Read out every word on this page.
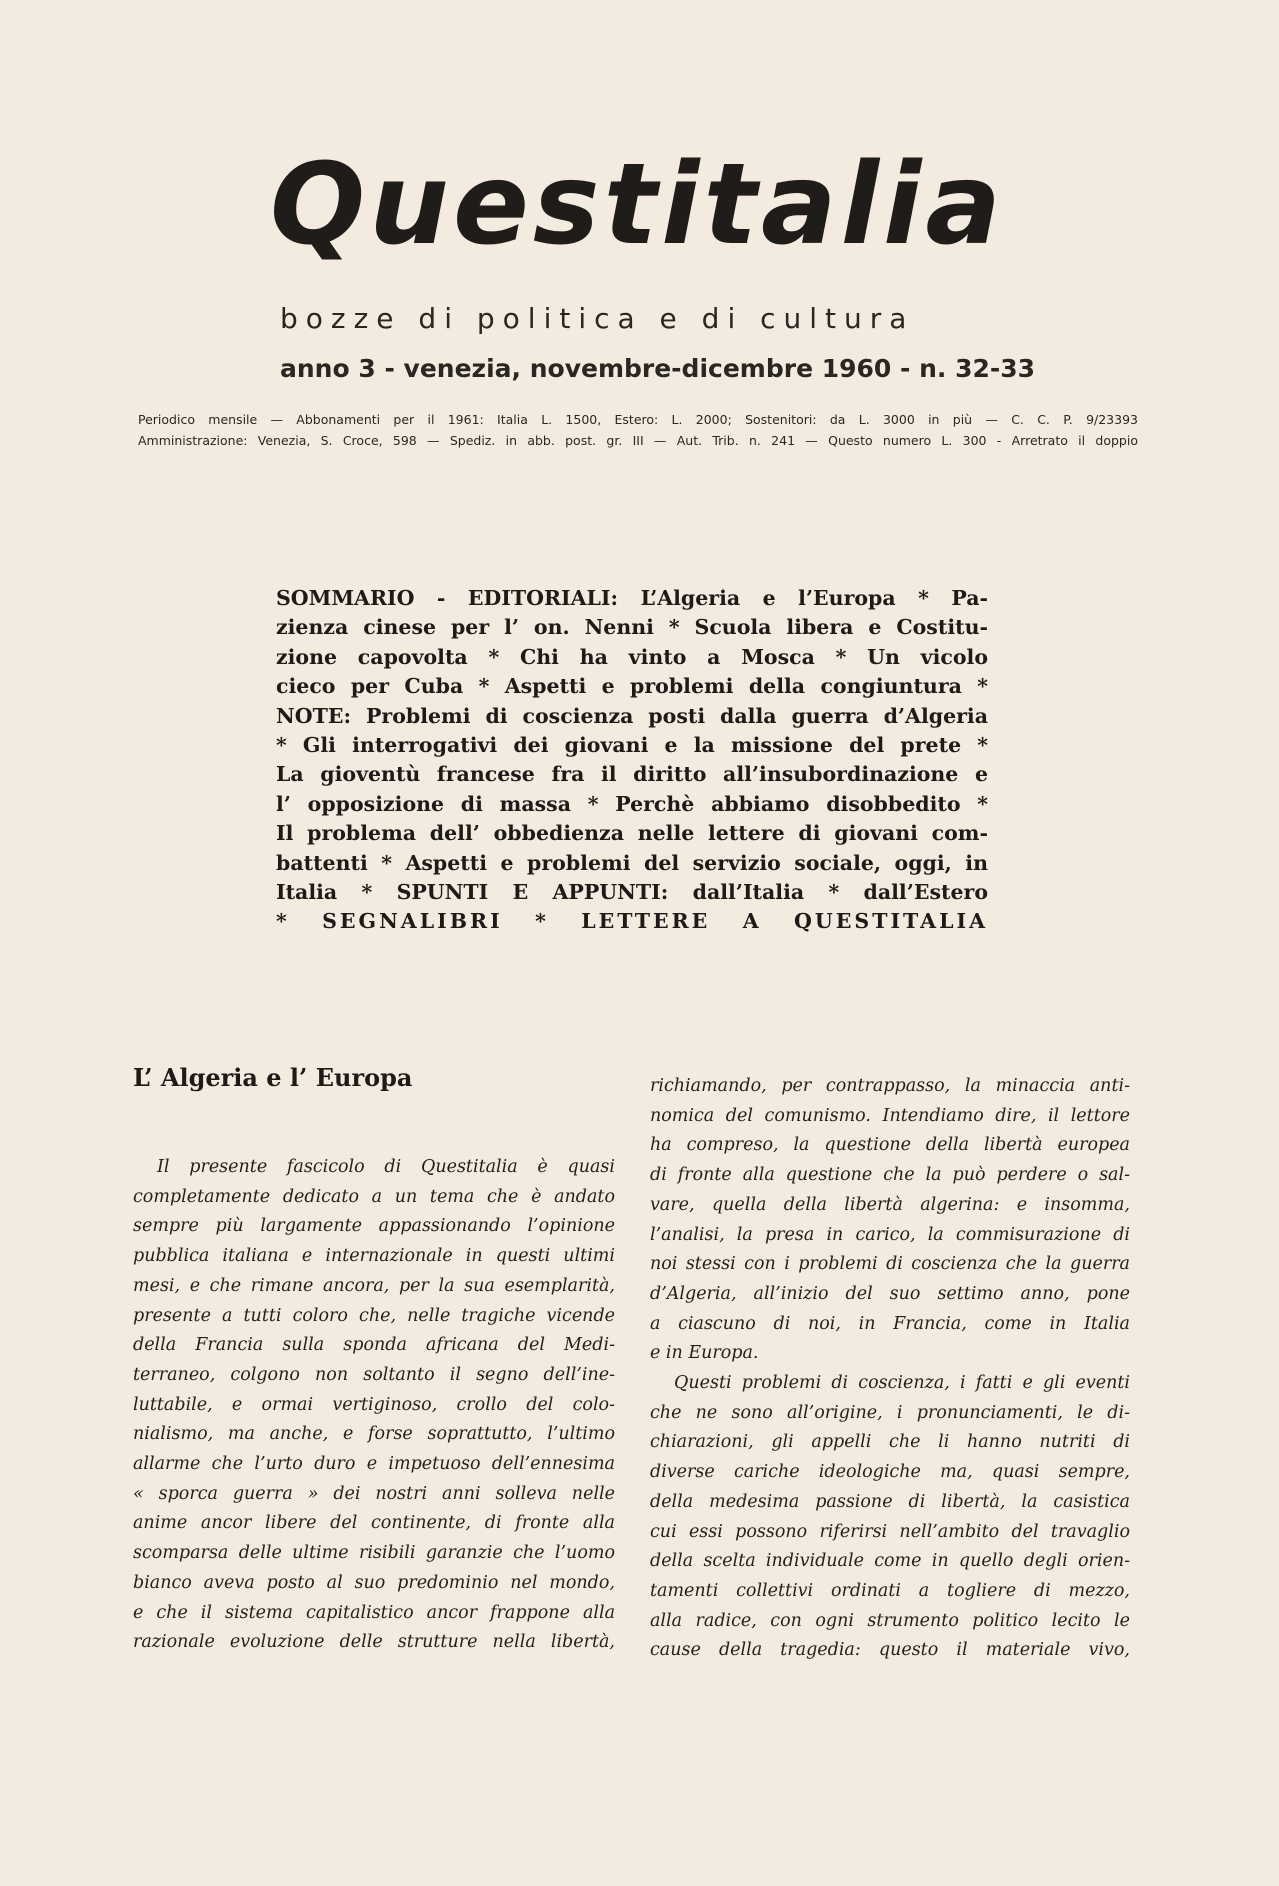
Questitalia
bozze di politica e di cultura
anno 3 - venezia, novembre-dicembre 1960 - n. 32-33
Periodico mensile — Abbonamenti per il 1961: Italia L. 1500, Estero: L. 2000; Sostenitori: da L. 3000 in più — C. C. P. 9/23393
Amministrazione: Venezia, S. Croce, 598 — Spediz. in abb. post. gr. III — Aut. Trib. n. 241 — Questo numero L. 300 - Arretrato il doppio
SOMMARIO - EDITORIALI: L’Algeria e l’Europa * Pa-
zienza cinese per l’ on. Nenni * Scuola libera e Costitu-
zione capovolta * Chi ha vinto a Mosca * Un vicolo
cieco per Cuba * Aspetti e problemi della congiuntura *
NOTE: Problemi di coscienza posti dalla guerra d’Algeria
* Gli interrogativi dei giovani e la missione del prete *
La gioventù francese fra il diritto all’insubordinazione e
l’ opposizione di massa * Perchè abbiamo disobbedito *
Il problema dell’ obbedienza nelle lettere di giovani com-
battenti * Aspetti e problemi del servizio sociale, oggi, in
Italia * SPUNTI E APPUNTI: dall’Italia * dall’Estero
* SEGNALIBRI * LETTERE A QUESTITALIA
L’ Algeria e l’ Europa
Il presente fascicolo di Questitalia è quasi
completamente dedicato a un tema che è andato
sempre più largamente appassionando l’opinione
pubblica italiana e internazionale in questi ultimi
mesi, e che rimane ancora, per la sua esemplarità,
presente a tutti coloro che, nelle tragiche vicende
della Francia sulla sponda africana del Medi-
terraneo, colgono non soltanto il segno dell’ine-
luttabile, e ormai vertiginoso, crollo del colo-
nialismo, ma anche, e forse soprattutto, l’ultimo
allarme che l’urto duro e impetuoso dell’ennesima
« sporca guerra » dei nostri anni solleva nelle
anime ancor libere del continente, di fronte alla
scomparsa delle ultime risibili garanzie che l’uomo
bianco aveva posto al suo predominio nel mondo,
e che il sistema capitalistico ancor frappone alla
razionale evoluzione delle strutture nella libertà,
richiamando, per contrappasso, la minaccia anti-
nomica del comunismo. Intendiamo dire, il lettore
ha compreso, la questione della libertà europea
di fronte alla questione che la può perdere o sal-
vare, quella della libertà algerina: e insomma,
l’analisi, la presa in carico, la commisurazione di
noi stessi con i problemi di coscienza che la guerra
d’Algeria, all’inizio del suo settimo anno, pone
a ciascuno di noi, in Francia, come in Italia
e in Europa.
Questi problemi di coscienza, i fatti e gli eventi
che ne sono all’origine, i pronunciamenti, le di-
chiarazioni, gli appelli che li hanno nutriti di
diverse cariche ideologiche ma, quasi sempre,
della medesima passione di libertà, la casistica
cui essi possono riferirsi nell’ambito del travaglio
della scelta individuale come in quello degli orien-
tamenti collettivi ordinati a togliere di mezzo,
alla radice, con ogni strumento politico lecito le
cause della tragedia: questo il materiale vivo,
